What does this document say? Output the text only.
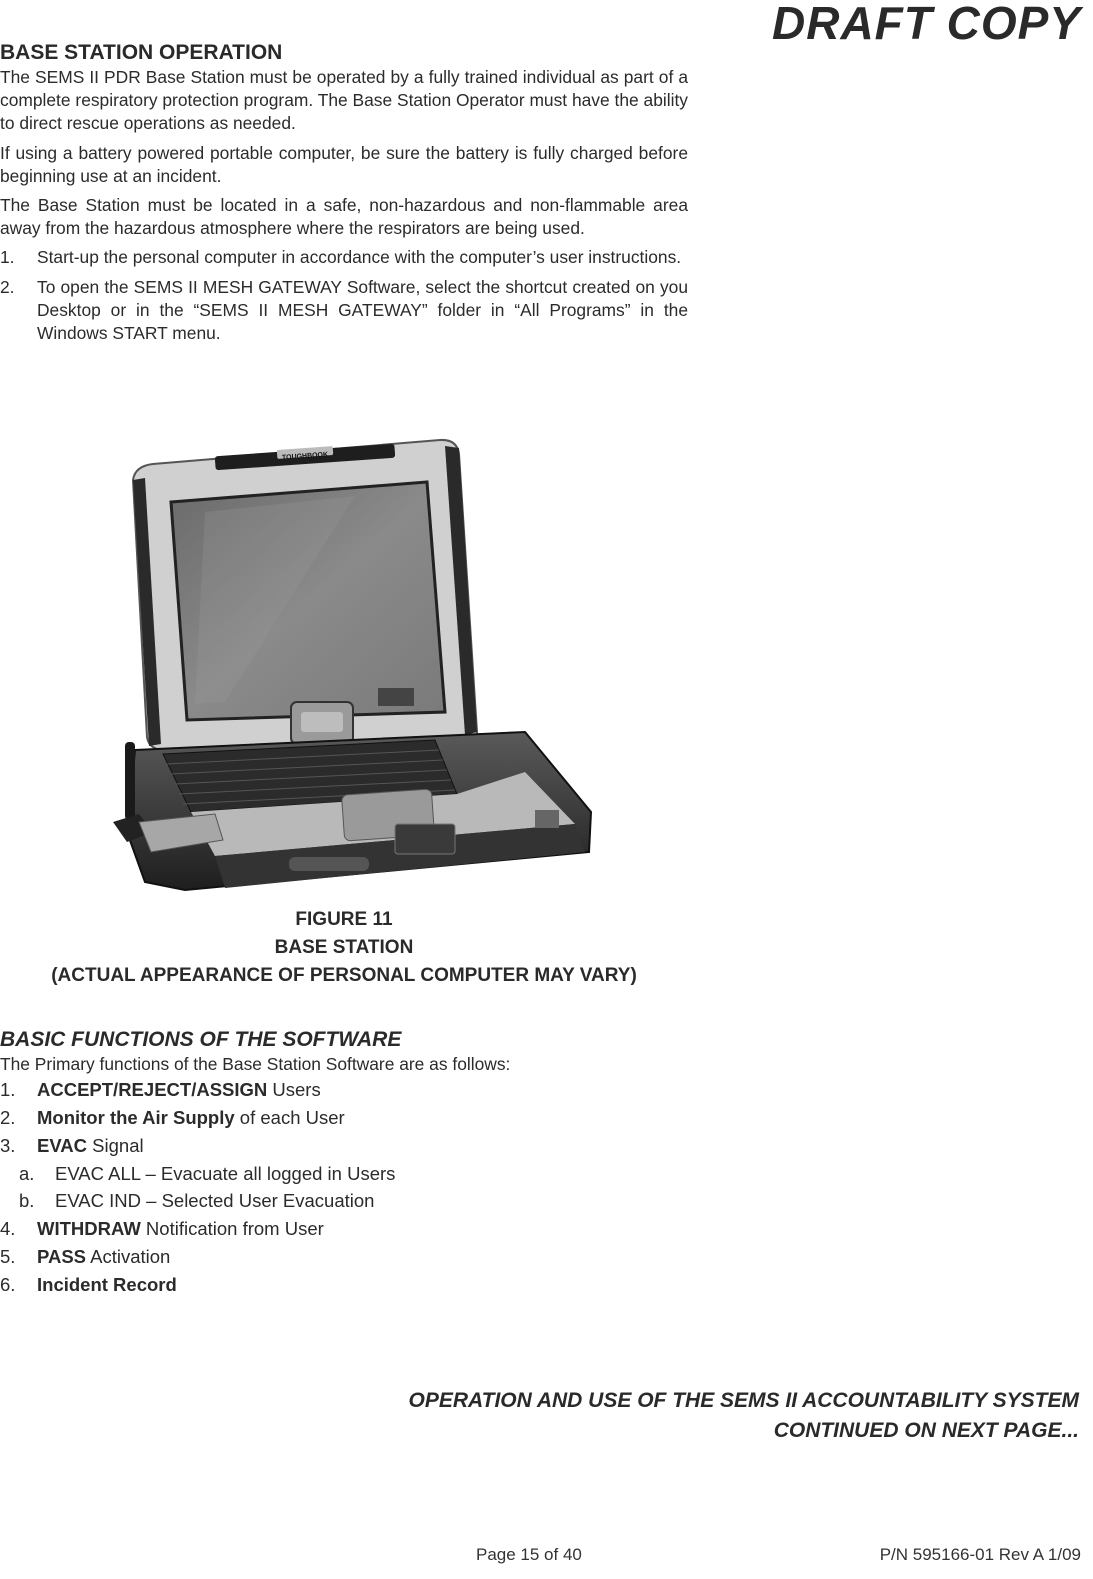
DRAFT COPY
BASE STATION OPERATION

The SEMS II PDR Base Station must be operated by a fully trained individual as part of a complete respiratory protection program. The Base Station Operator must have the ability to direct rescue operations as needed.

If using a battery powered portable computer, be sure the battery is fully charged before beginning use at an incident.

The Base Station must be located in a safe, non-hazardous and non-flammable area away from the hazardous atmosphere where the respirators are being used.

1.	Start-up the personal computer in accordance with the computer’s user instructions.
2.	To open the SEMS II MESH GATEWAY Software, select the shortcut created on you Desktop or in the “SEMS II MESH GATEWAY” folder in “All Programs” in the Windows START menu.
TOUGHBOOK
FIGURE 11
BASE STATION
(ACTUAL APPEARANCE OF PERSONAL COMPUTER MAY VARY)
BASIC FUNCTIONS OF THE SOFTWARE

The Primary functions of the Base Station Software are as follows:

1.	ACCEPT/REJECT/ASSIGN Users
2.	Monitor the Air Supply of each User
3.	EVAC Signal
a.	EVAC ALL – Evacuate all logged in Users
b.	EVAC IND – Selected User Evacuation
4.	WITHDRAW Notification from User
5.	PASS Activation
6.	Incident Record
OPERATION AND USE OF THE SEMS II ACCOUNTABILITY SYSTEM
CONTINUED ON NEXT PAGE...
Page 15 of 40	P/N 595166-01 Rev A 1/09
